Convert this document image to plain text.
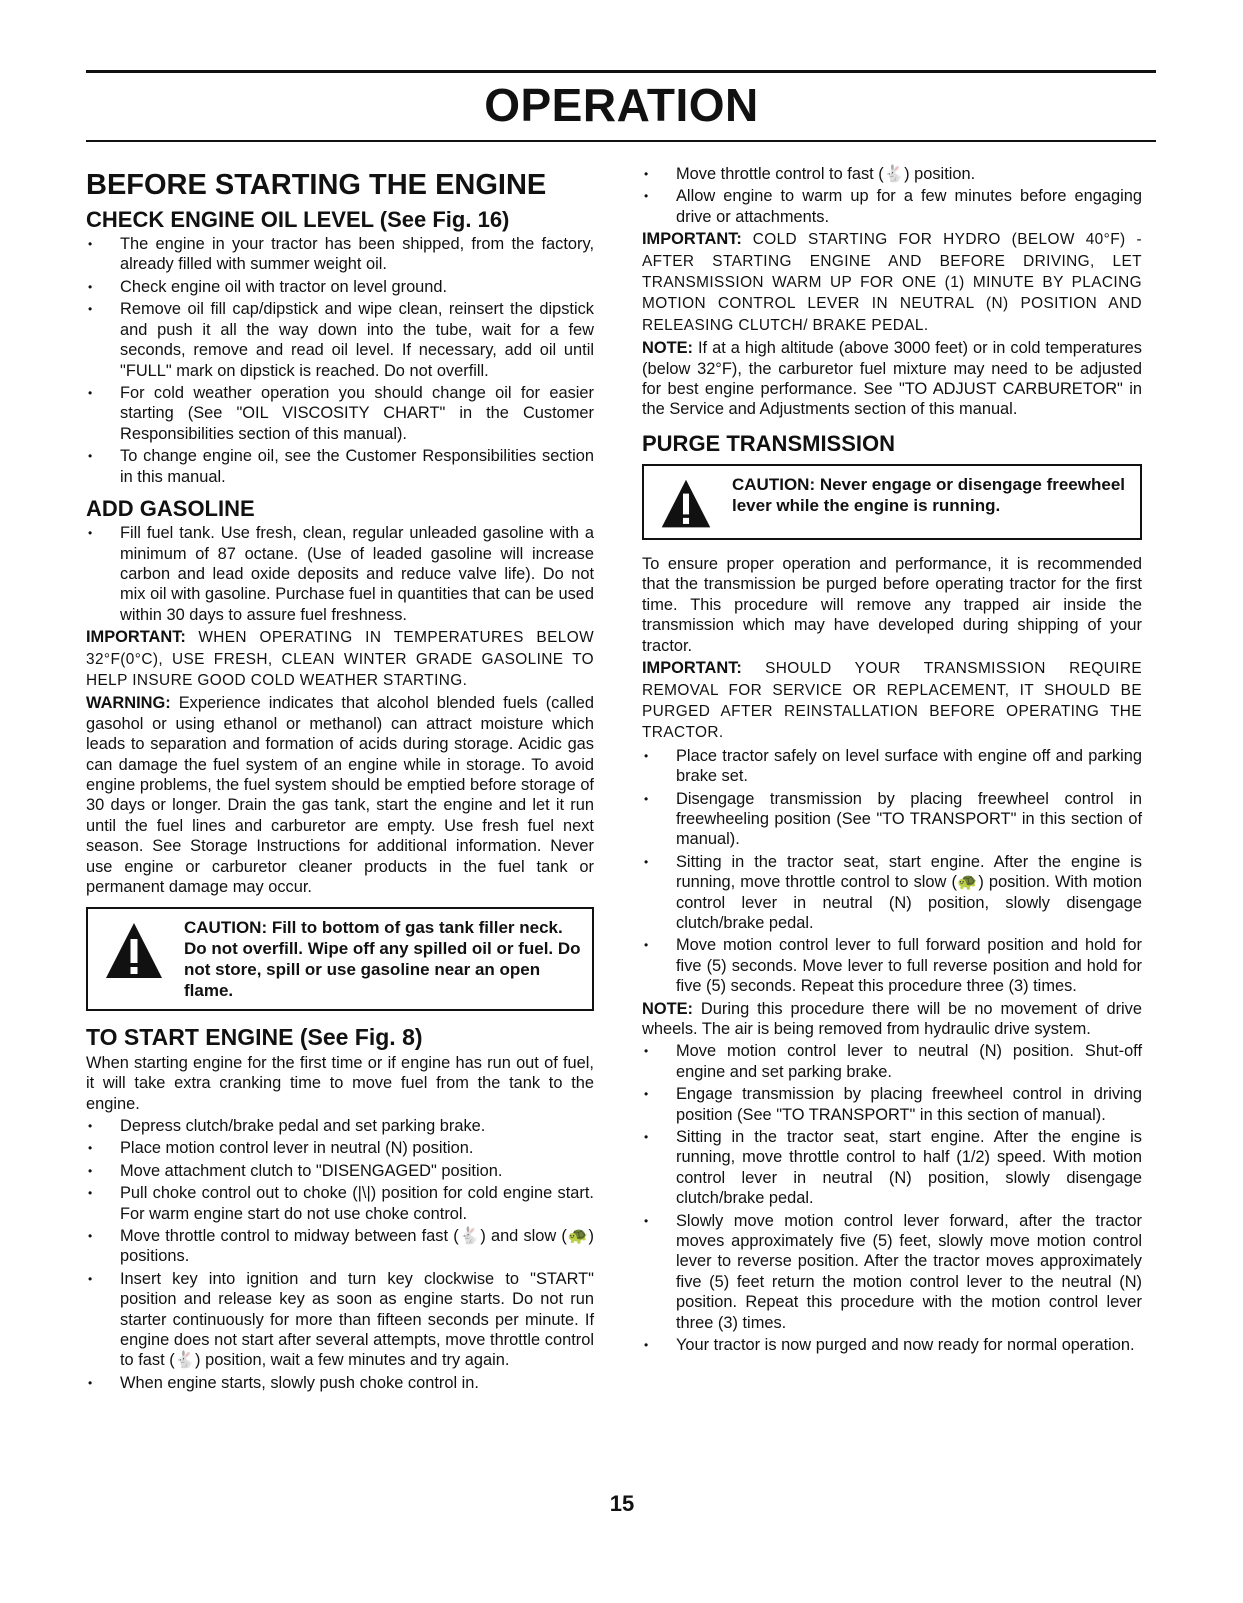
OPERATION
BEFORE STARTING THE ENGINE
CHECK ENGINE OIL LEVEL (See Fig. 16)
• The engine in your tractor has been shipped, from the factory, already filled with summer weight oil.
• Check engine oil with tractor on level ground.
• Remove oil fill cap/dipstick and wipe clean, reinsert the dipstick and push it all the way down into the tube, wait for a few seconds, remove and read oil level. If necessary, add oil until "FULL" mark on dipstick is reached. Do not overfill.
• For cold weather operation you should change oil for easier starting (See "OIL VISCOSITY CHART" in the Customer Responsibilities section of this manual).
• To change engine oil, see the Customer Responsibilities section in this manual.
ADD GASOLINE
• Fill fuel tank. Use fresh, clean, regular unleaded gasoline with a minimum of 87 octane. (Use of leaded gasoline will increase carbon and lead oxide deposits and reduce valve life). Do not mix oil with gasoline. Purchase fuel in quantities that can be used within 30 days to assure fuel freshness.

IMPORTANT: WHEN OPERATING IN TEMPERATURES BELOW 32°F(0°C), USE FRESH, CLEAN WINTER GRADE GASOLINE TO HELP INSURE GOOD COLD WEATHER STARTING.

WARNING: Experience indicates that alcohol blended fuels (called gasohol or using ethanol or methanol) can attract moisture which leads to separation and formation of acids during storage. Acidic gas can damage the fuel system of an engine while in storage. To avoid engine problems, the fuel system should be emptied before storage of 30 days or longer. Drain the gas tank, start the engine and let it run until the fuel lines and carburetor are empty. Use fresh fuel next season. See Storage Instructions for additional information. Never use engine or carburetor cleaner products in the fuel tank or permanent damage may occur.

CAUTION: Fill to bottom of gas tank filler neck. Do not overfill. Wipe off any spilled oil or fuel. Do not store, spill or use gasoline near an open flame.
TO START ENGINE (See Fig. 8)

When starting engine for the first time or if engine has run out of fuel, it will take extra cranking time to move fuel from the tank to the engine.

• Depress clutch/brake pedal and set parking brake.
• Place motion control lever in neutral (N) position.
• Move attachment clutch to "DISENGAGED" position.
• Pull choke control out to choke (|\|) position for cold engine start. For warm engine start do not use choke control.
• Move throttle control to midway between fast (🐇) and slow (🐢) positions.
• Insert key into ignition and turn key clockwise to "START" position and release key as soon as engine starts. Do not run starter continuously for more than fifteen seconds per minute. If engine does not start after several attempts, move throttle control to fast (🐇) position, wait a few minutes and try again.
• When engine starts, slowly push choke control in.
• Move throttle control to fast (🐇) position.
• Allow engine to warm up for a few minutes before engaging drive or attachments.

IMPORTANT: COLD STARTING FOR HYDRO (BELOW 40°F) - AFTER STARTING ENGINE AND BEFORE DRIVING, LET TRANSMISSION WARM UP FOR ONE (1) MINUTE BY PLACING MOTION CONTROL LEVER IN NEUTRAL (N) POSITION AND RELEASING CLUTCH/ BRAKE PEDAL.

NOTE: If at a high altitude (above 3000 feet) or in cold temperatures (below 32°F), the carburetor fuel mixture may need to be adjusted for best engine performance. See "TO ADJUST CARBURETOR" in the Service and Adjustments section of this manual.

PURGE TRANSMISSION
CAUTION: Never engage or disengage freewheel lever while the engine is running.

To ensure proper operation and performance, it is recommended that the transmission be purged before operating tractor for the first time. This procedure will remove any trapped air inside the transmission which may have developed during shipping of your tractor.

IMPORTANT: SHOULD YOUR TRANSMISSION REQUIRE REMOVAL FOR SERVICE OR REPLACEMENT, IT SHOULD BE PURGED AFTER REINSTALLATION BEFORE OPERATING THE TRACTOR.

• Place tractor safely on level surface with engine off and parking brake set.
• Disengage transmission by placing freewheel control in freewheeling position (See "TO TRANSPORT" in this section of manual).
• Sitting in the tractor seat, start engine. After the engine is running, move throttle control to slow (🐢) position. With motion control lever in neutral (N) position, slowly disengage clutch/brake pedal.
• Move motion control lever to full forward position and hold for five (5) seconds. Move lever to full reverse position and hold for five (5) seconds. Repeat this procedure three (3) times.

NOTE: During this procedure there will be no movement of drive wheels. The air is being removed from hydraulic drive system.

• Move motion control lever to neutral (N) position. Shut-off engine and set parking brake.
• Engage transmission by placing freewheel control in driving position (See "TO TRANSPORT" in this section of manual).
• Sitting in the tractor seat, start engine. After the engine is running, move throttle control to half (1/2) speed. With motion control lever in neutral (N) position, slowly disengage clutch/brake pedal.
• Slowly move motion control lever forward, after the tractor moves approximately five (5) feet, slowly move motion control lever to reverse position. After the tractor moves approximately five (5) feet return the motion control lever to the neutral (N) position. Repeat this procedure with the motion control lever three (3) times.
• Your tractor is now purged and now ready for normal operation.

15
